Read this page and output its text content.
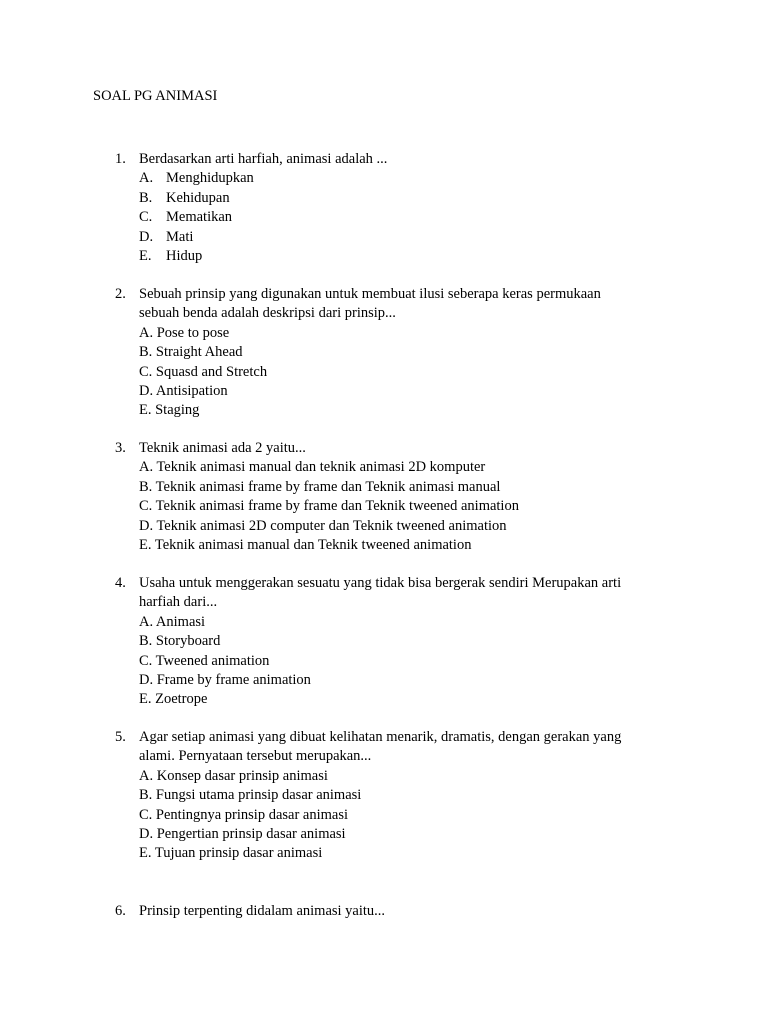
SOAL PG ANIMASI
1. Berdasarkan arti harfiah, animasi adalah ...
A. Menghidupkan
B. Kehidupan
C. Mematikan
D. Mati
E. Hidup
2. Sebuah prinsip yang digunakan untuk membuat ilusi seberapa keras permukaan
sebuah benda adalah deskripsi dari prinsip...
A. Pose to pose
B. Straight Ahead
C. Squasd and Stretch
D. Antisipation
E. Staging
3. Teknik animasi ada 2 yaitu...
A. Teknik animasi manual dan teknik animasi 2D komputer
B. Teknik animasi frame by frame dan Teknik animasi manual
C. Teknik animasi frame by frame dan Teknik tweened animation
D. Teknik animasi 2D computer dan Teknik tweened animation
E. Teknik animasi manual dan Teknik tweened animation
4. Usaha untuk menggerakan sesuatu yang tidak bisa bergerak sendiri Merupakan arti
harfiah dari...
A. Animasi
B. Storyboard
C. Tweened animation
D. Frame by frame animation
E. Zoetrope
5. Agar setiap animasi yang dibuat kelihatan menarik, dramatis, dengan gerakan yang
alami. Pernyataan tersebut merupakan...
A. Konsep dasar prinsip animasi
B. Fungsi utama prinsip dasar animasi
C. Pentingnya prinsip dasar animasi
D. Pengertian prinsip dasar animasi
E. Tujuan prinsip dasar animasi
6. Prinsip terpenting didalam animasi yaitu...
